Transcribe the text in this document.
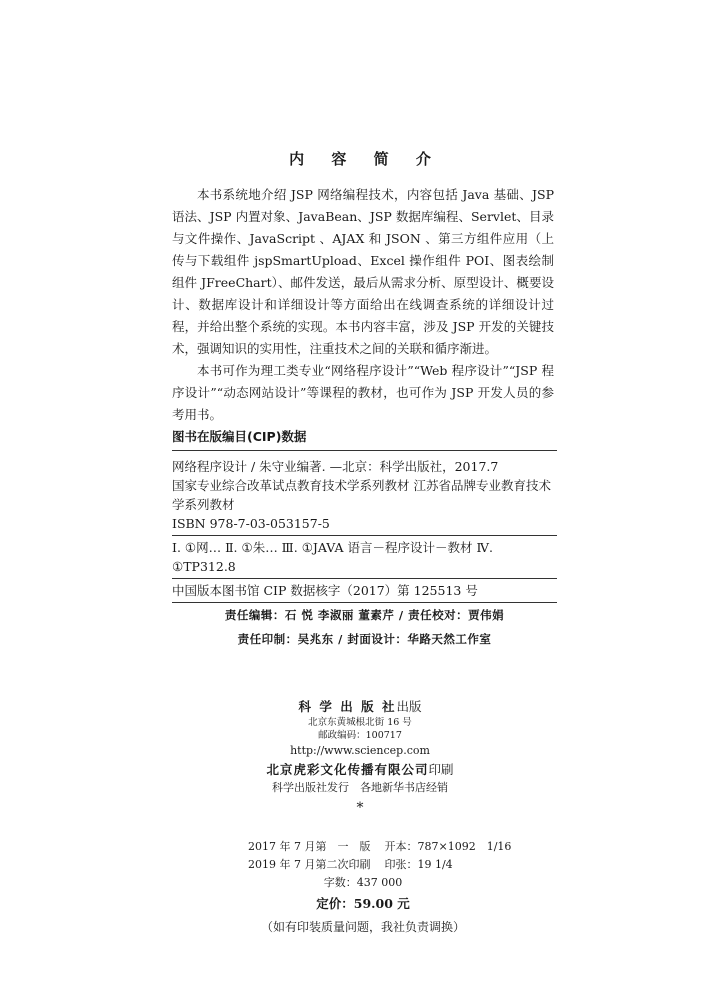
内 容 简 介

本书系统地介绍 JSP 网络编程技术，内容包括 Java 基础、JSP 语法、JSP 内置对象、JavaBean、JSP 数据库编程、Servlet、目录与文件操作、JavaScript 、AJAX 和 JSON 、第三方组件应用（上传与下载组件 jspSmartUpload、Excel 操作组件 POI、图表绘制组件 JFreeChart）、邮件发送，最后从需求分析、原型设计、概要设计、数据库设计和详细设计等方面给出在线调查系统的详细设计过程，并给出整个系统的实现。本书内容丰富，涉及 JSP 开发的关键技术，强调知识的实用性，注重技术之间的关联和循序渐进。

本书可作为理工类专业“网络程序设计”“Web 程序设计”“JSP 程序设计”“动态网站设计”等课程的教材，也可作为 JSP 开发人员的参考用书。

图书在版编目(CIP)数据
网络程序设计 / 朱守业编著. —北京：科学出版社，2017.7
国家专业综合改革试点教育技术学系列教材 江苏省品牌专业教育技术学系列教材
ISBN 978-7-03-053157-5
Ⅰ. ①网… Ⅱ. ①朱… Ⅲ. ①JAVA 语言－程序设计－教材 Ⅳ. ①TP312.8
中国版本图书馆 CIP 数据核字（2017）第 125513 号
责任编辑：石 悦 李淑丽 董素芹 / 责任校对：贾伟娟
责任印制：吴兆东 / 封面设计：华路天然工作室
科 学 出 版 社出版
北京东黄城根北街 16 号
邮政编码：100717
http://www.sciencep.com
北京虎彩文化传播有限公司印刷
科学出版社发行　各地新华书店经销
*
2017 年 7 月第　一　版 开本：787×1092　1/16
2019 年 7 月第二次印刷 印张：19 1/4
字数：437 000
定价：59.00 元
（如有印装质量问题，我社负责调换）
